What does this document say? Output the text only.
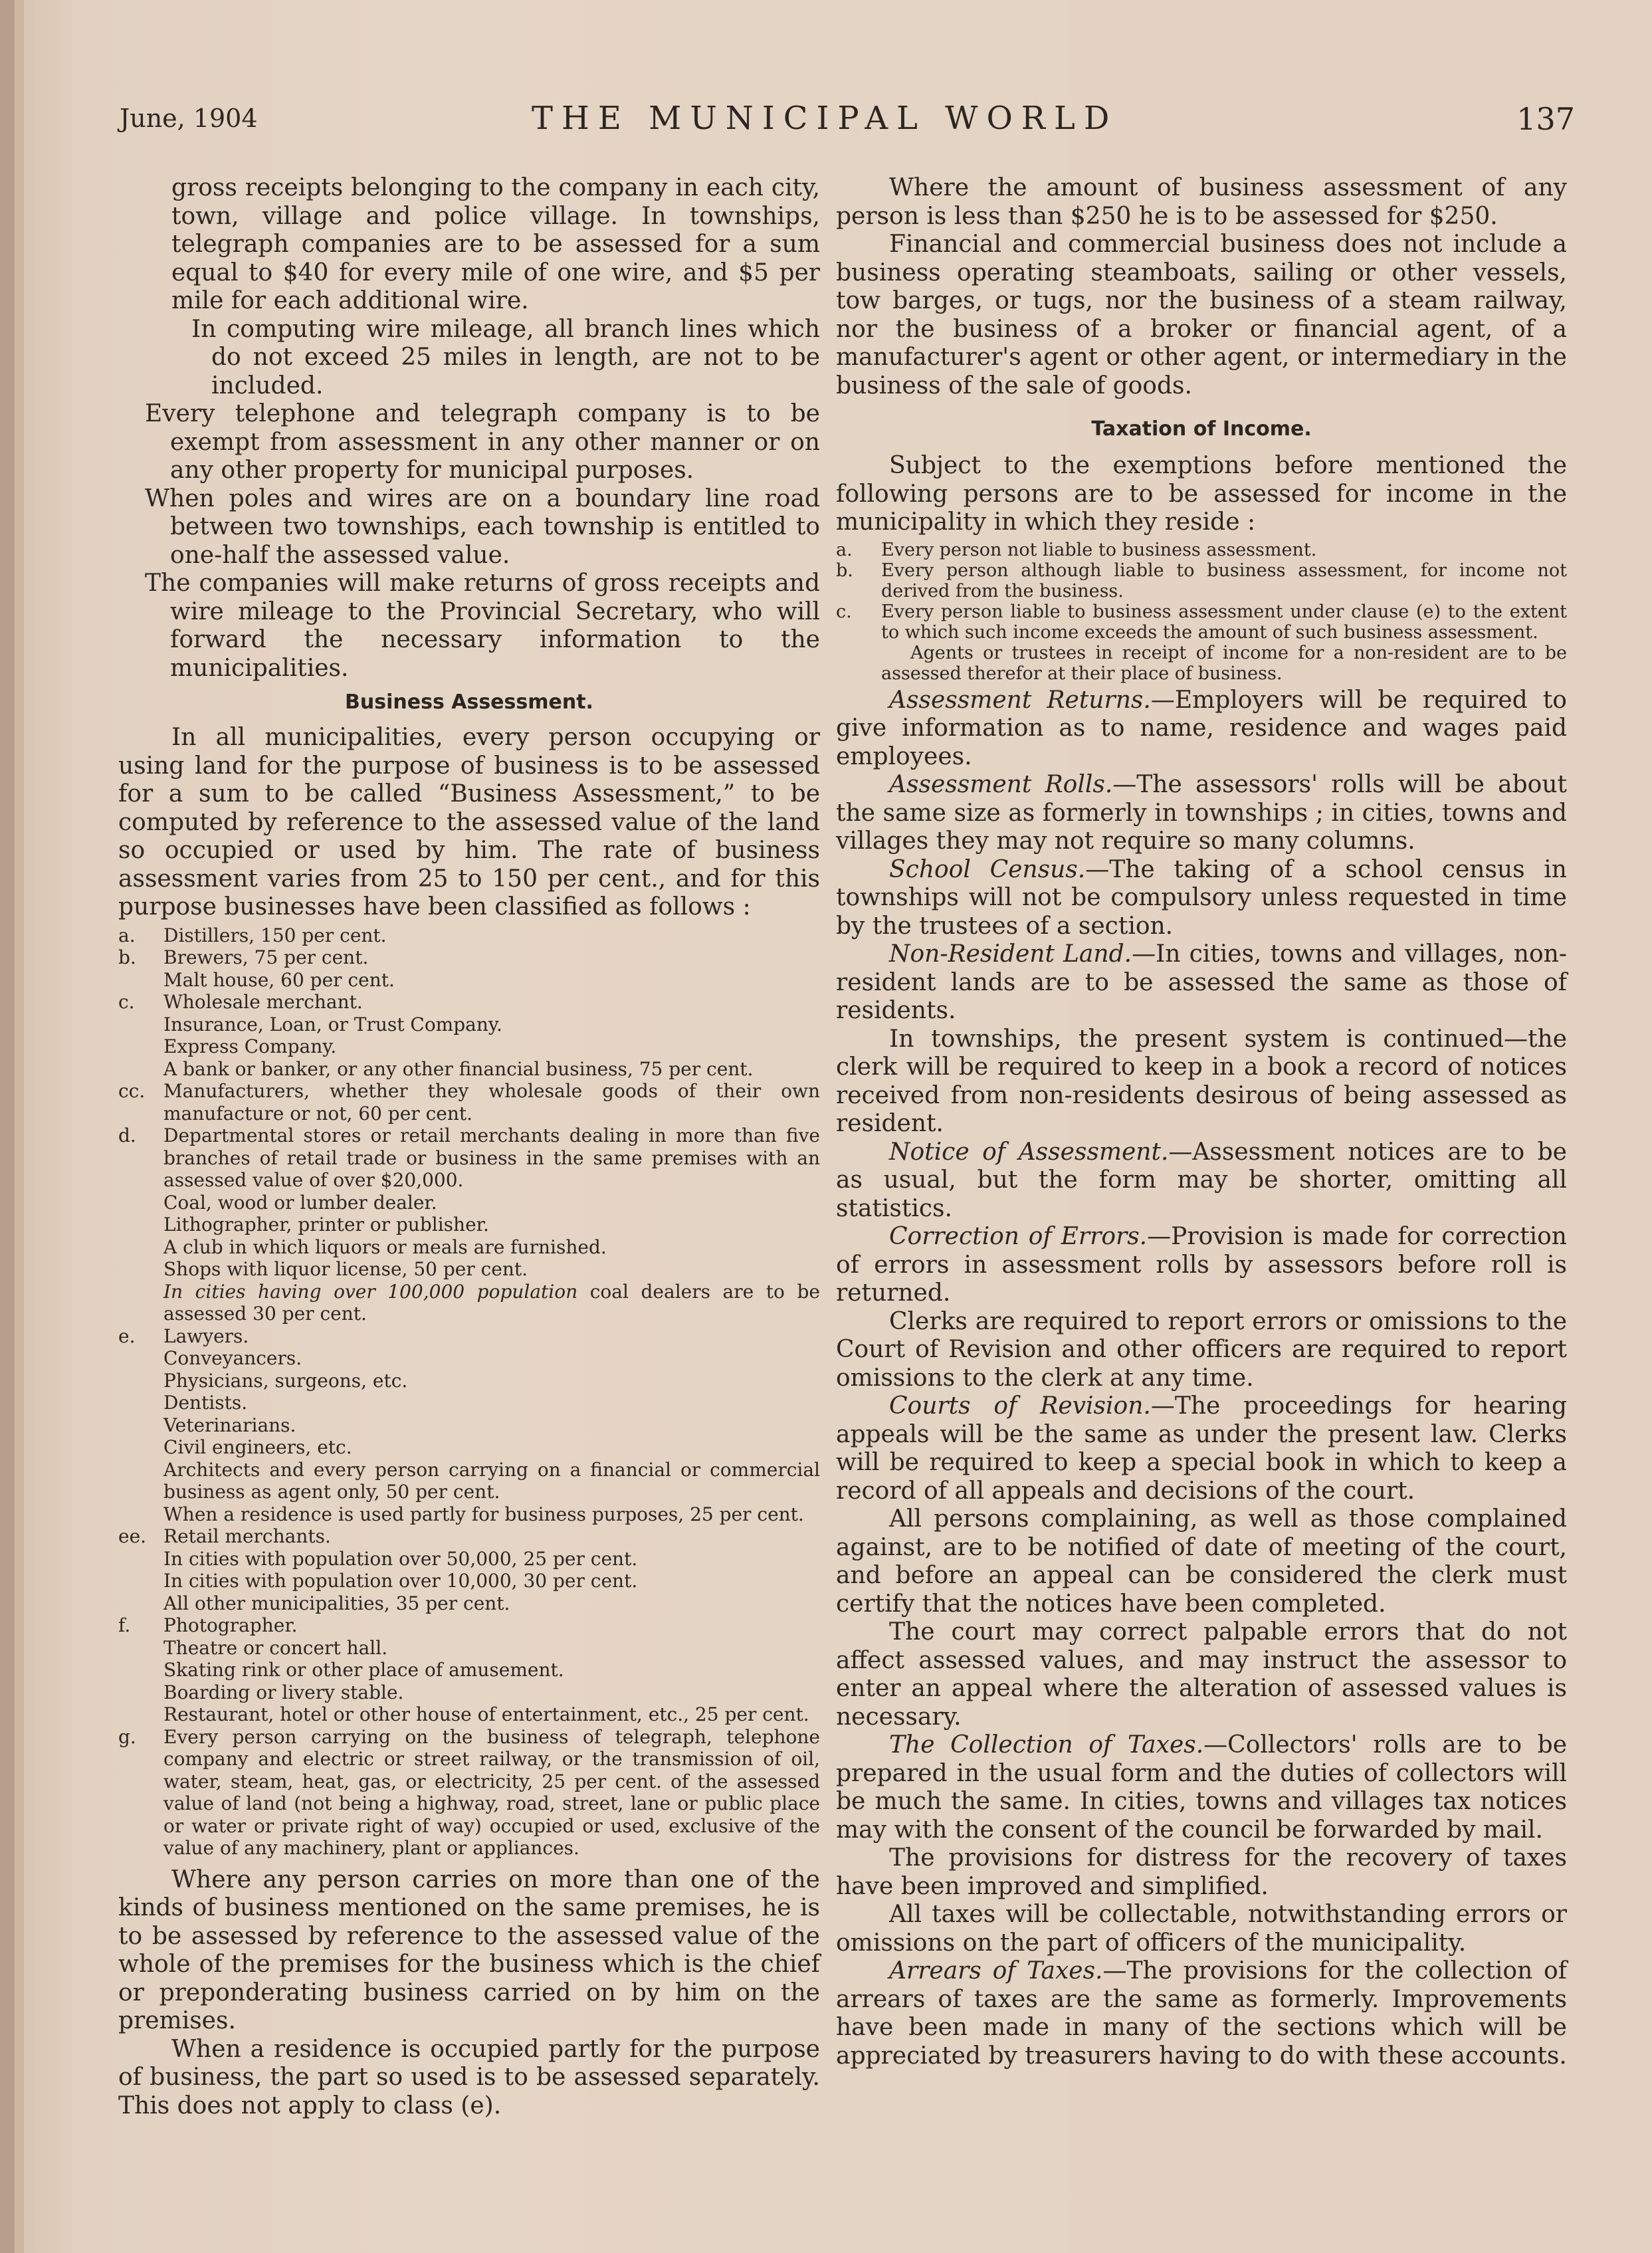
June, 1904	THE MUNICIPAL WORLD	137

gross receipts belonging to the company in each city, town, village and police village. In townships, telegraph companies are to be assessed for a sum equal to $40 for every mile of one wire, and $5 per mile for each additional wire.

In computing wire mileage, all branch lines which do not exceed 25 miles in length, are not to be included.

Every telephone and telegraph company is to be exempt from assessment in any other manner or on any other property for municipal purposes.

When poles and wires are on a boundary line road between two townships, each township is entitled to one-half the assessed value.

The companies will make returns of gross receipts and wire mileage to the Provincial Secretary, who will forward the necessary information to the municipalities.

Business Assessment.

In all municipalities, every person occupying or using land for the purpose of business is to be assessed for a sum to be called “Business Assessment,” to be computed by reference to the assessed value of the land so occupied or used by him. The rate of business assessment varies from 25 to 150 per cent., and for this purpose businesses have been classified as follows :

a.	Distillers, 150 per cent.
b.	Brewers, 75 per cent.
Malt house, 60 per cent.
c.	Wholesale merchant.
Insurance, Loan, or Trust Company.
Express Company.
A bank or banker, or any other financial business, 75 per cent.
cc. Manufacturers, whether they wholesale goods of their own manufacture or not, 60 per cent.
d.	Departmental stores or retail merchants dealing in more than five branches of retail trade or business in the same premises with an assessed value of over $20,000.
Coal, wood or lumber dealer.
Lithographer, printer or publisher.
A club in which liquors or meals are furnished.
Shops with liquor license, 50 per cent.
In cities having over 100,000 population coal dealers are to be assessed 30 per cent.
e.	Lawyers.
Conveyancers.
Physicians, surgeons, etc.
Dentists.
Veterinarians.
Civil engineers, etc.
Architects and every person carrying on a financial or commercial business as agent only, 50 per cent.
When a residence is used partly for business purposes, 25 per cent.
ee. Retail merchants.
In cities with population over 50,000, 25 per cent.
In cities with population over 10,000, 30 per cent.
All other municipalities, 35 per cent.
f.	Photographer.
Theatre or concert hall.
Skating rink or other place of amusement.
Boarding or livery stable.
Restaurant, hotel or other house of entertainment, etc., 25 per cent.
g.	Every person carrying on the business of telegraph, telephone company and electric or street railway, or the transmission of oil, water, steam, heat, gas, or electricity, 25 per cent. of the assessed value of land (not being a highway, road, street, lane or public place or water or private right of way) occupied or used, exclusive of the value of any machinery, plant or appliances.

Where any person carries on more than one of the kinds of business mentioned on the same premises, he is to be assessed by reference to the assessed value of the whole of the premises for the business which is the chief or preponderating business carried on by him on the premises.

When a residence is occupied partly for the purpose of business, the part so used is to be assessed separately. This does not apply to class (e).

Where the amount of business assessment of any person is less than $250 he is to be assessed for $250.

Financial and commercial business does not include a business operating steamboats, sailing or other vessels, tow barges, or tugs, nor the business of a steam railway, nor the business of a broker or financial agent, of a manufacturer's agent or other agent, or intermediary in the business of the sale of goods.

Taxation of Income.

Subject to the exemptions before mentioned the following persons are to be assessed for income in the municipality in which they reside :

a.	Every person not liable to business assessment.
b.	Every person although liable to business assessment, for income not derived from the business.
c.	Every person liable to business assessment under clause (e) to the extent to which such income exceeds the amount of such business assessment.

Agents or trustees in receipt of income for a non-resident are to be assessed therefor at their place of business.

Assessment Returns.—Employers will be required to give information as to name, residence and wages paid employees.

Assessment Rolls.—The assessors' rolls will be about the same size as formerly in townships ; in cities, towns and villages they may not require so many columns.

School Census.—The taking of a school census in townships will not be compulsory unless requested in time by the trustees of a section.

Non-Resident Land.—In cities, towns and villages, non-resident lands are to be assessed the same as those of residents.

In townships, the present system is continued—the clerk will be required to keep in a book a record of notices received from non-residents desirous of being assessed as resident.

Notice of Assessment.—Assessment notices are to be as usual, but the form may be shorter, omitting all statistics.

Correction of Errors.—Provision is made for correction of errors in assessment rolls by assessors before roll is returned.

Clerks are required to report errors or omissions to the Court of Revision and other officers are required to report omissions to the clerk at any time.

Courts of Revision.—The proceedings for hearing appeals will be the same as under the present law. Clerks will be required to keep a special book in which to keep a record of all appeals and decisions of the court.

All persons complaining, as well as those complained against, are to be notified of date of meeting of the court, and before an appeal can be considered the clerk must certify that the notices have been completed.

The court may correct palpable errors that do not affect assessed values, and may instruct the assessor to enter an appeal where the alteration of assessed values is necessary.

The Collection of Taxes.—Collectors' rolls are to be prepared in the usual form and the duties of collectors will be much the same. In cities, towns and villages tax notices may with the consent of the council be forwarded by mail.

The provisions for distress for the recovery of taxes have been improved and simplified.

All taxes will be collectable, notwithstanding errors or omissions on the part of officers of the municipality.

Arrears of Taxes.—The provisions for the collection of arrears of taxes are the same as formerly. Improvements have been made in many of the sections which will be appreciated by treasurers having to do with these accounts.
